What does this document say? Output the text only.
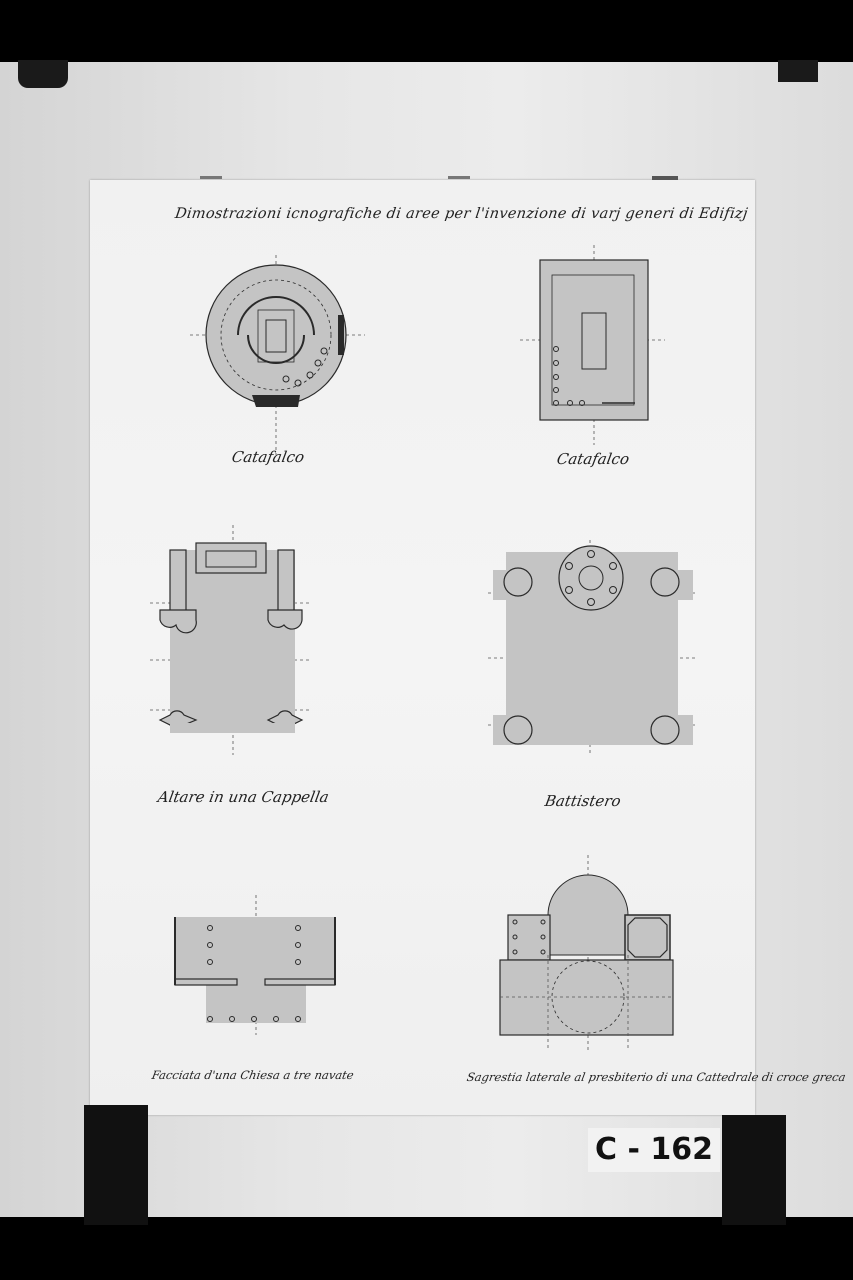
Dimostrazioni icnografiche di aree per l'invenzione di varj generi di Edifizj
Catafalco	Catafalco
Altare in una Cappella	Battistero
Facciata d'una Chiesa a tre navate	Sagrestia laterale al presbiterio di una Cattedrale di croce greca
C - 162
